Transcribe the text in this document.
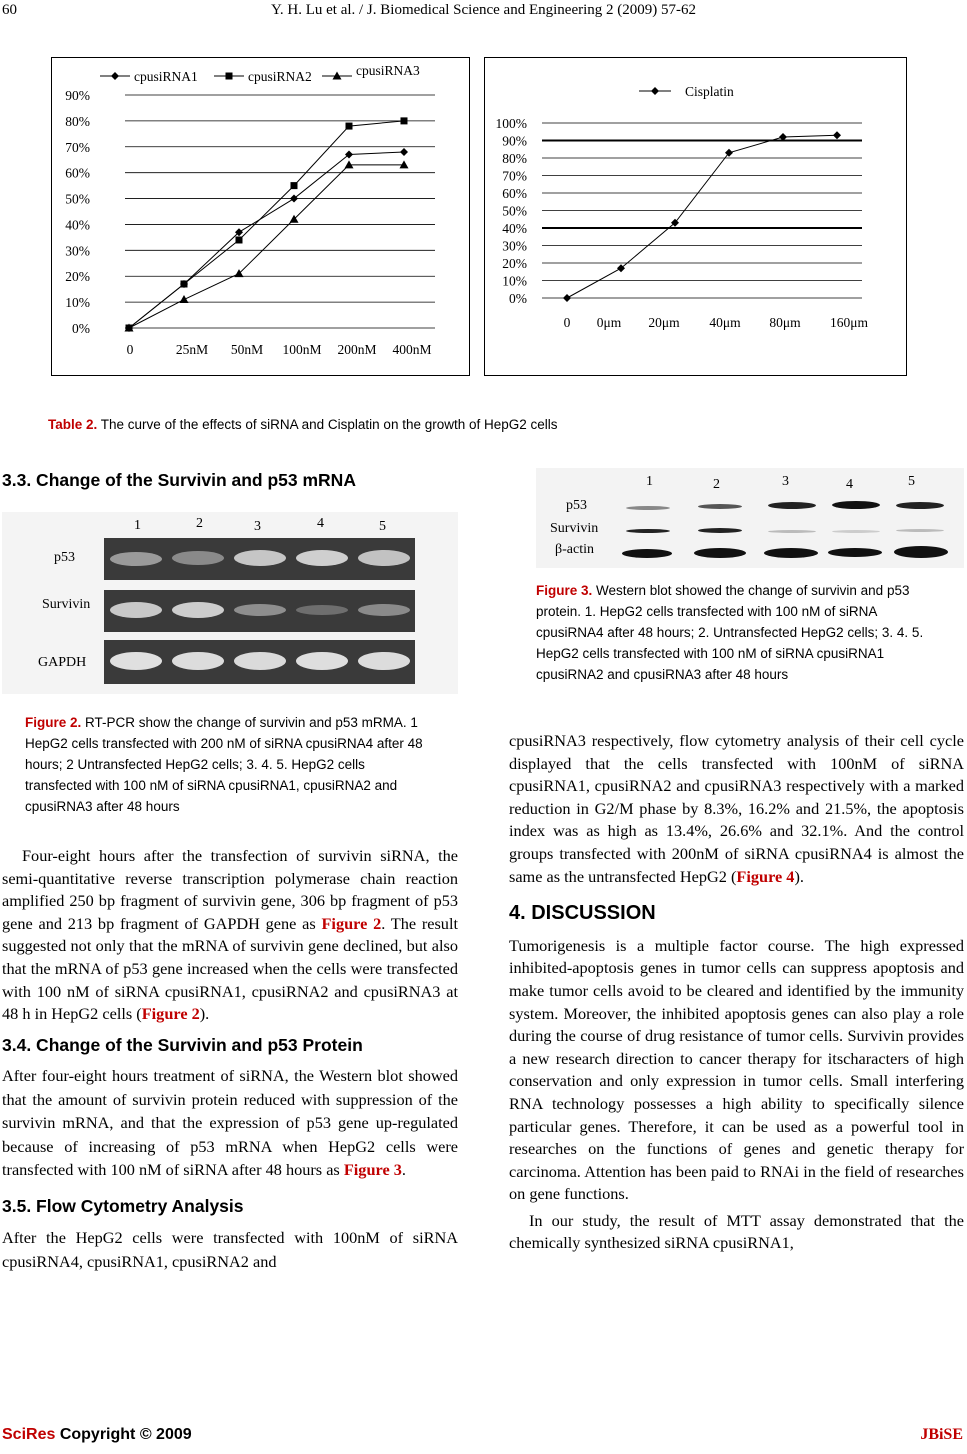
60	Y. H. Lu et al. / J. Biomedical Science and Engineering 2 (2009) 57-62
0%
10%
20%
30%
40%
50%
60%
70%
80%
90%
0	25nM 50nM 100nM 200nM 400nM
cpusiRNA1	cpusiRNA2	cpusiRNA3
0%
10%
20%
30%
40%
50%
60%
70%
80%
90%
100%
0 0μm 20μm 40μm 80μm 160μm
Cisplatin
Table 2. The curve of the effects of siRNA and Cisplatin on the growth of HepG2 cells
3.3. Change of the Survivin and p53 mRNA
1	2	3	4	5
p53
Survivin
GAPDH
Figure 2. RT-PCR show the change of survivin and p53 mRMA. 1 HepG2 cells transfected with 200 nM of siRNA cpusiRNA4 after 48 hours; 2 Untransfected HepG2 cells; 3. 4. 5. HepG2 cells transfected with 100 nM of siRNA cpusiRNA1, cpusiRNA2 and cpusiRNA3 after 48 hours

Four-eight hours after the transfection of survivin siRNA, the semi-quantitative reverse transcription polymerase chain reaction amplified 250 bp fragment of survivin gene, 306 bp fragment of p53 gene and 213 bp fragment of GAPDH gene as Figure 2. The result suggested not only that the mRNA of survivin gene declined, but also that the mRNA of p53 gene increased when the cells were transfected with 100 nM of siRNA cpusiRNA1, cpusiRNA2 and cpusiRNA3 at 48 h in HepG2 cells (Figure 2).

3.4. Change of the Survivin and p53 Protein

After four-eight hours treatment of siRNA, the Western blot showed that the amount of survivin protein reduced with suppression of the survivin mRNA, and that the expression of p53 gene up-regulated because of increasing of p53 mRNA when HepG2 cells were transfected with 100 nM of siRNA after 48 hours as Figure 3.

3.5. Flow Cytometry Analysis

After the HepG2 cells were transfected with 100nM of siRNA cpusiRNA4, cpusiRNA1, cpusiRNA2 and

1	2	3	4	5
p53
Survivin
β-actin
Figure 3. Western blot showed the change of survivin and p53 protein. 1. HepG2 cells transfected with 100 nM of siRNA cpusiRNA4 after 48 hours; 2. Untransfected HepG2 cells; 3. 4. 5. HepG2 cells transfected with 100 nM of siRNA cpusiRNA1 cpusiRNA2 and cpusiRNA3 after 48 hours

cpusiRNA3 respectively, flow cytometry analysis of their cell cycle displayed that the cells transfected with 100nM of siRNA cpusiRNA1, cpusiRNA2 and cpusiRNA3 respectively with a marked reduction in G2/M phase by 8.3%, 16.2% and 21.5%, the apoptosis index was as high as 13.4%, 26.6% and 32.1%. And the control groups transfected with 200nM of siRNA cpusiRNA4 is almost the same as the untransfected HepG2 (Figure 4).

4. DISCUSSION

Tumorigenesis is a multiple factor course. The high expressed inhibited-apoptosis genes in tumor cells can suppress apoptosis and make tumor cells avoid to be cleared and identified by the immunity system. Moreover, the inhibited apoptosis genes can also play a role during the course of drug resistance of tumor cells. Survivin provides a new research direction to cancer therapy for itscharacters of high conservation and only expression in tumor cells. Small interfering RNA technology possesses a high ability to specifically silence particular genes. Therefore, it can be used as a powerful tool in researches on the functions of genes and genetic therapy for carcinoma. Attention has been paid to RNAi in the field of researches on gene functions.

In our study, the result of MTT assay demonstrated that the chemically synthesized siRNA cpusiRNA1,

SciRes Copyright © 2009	JBiSE
